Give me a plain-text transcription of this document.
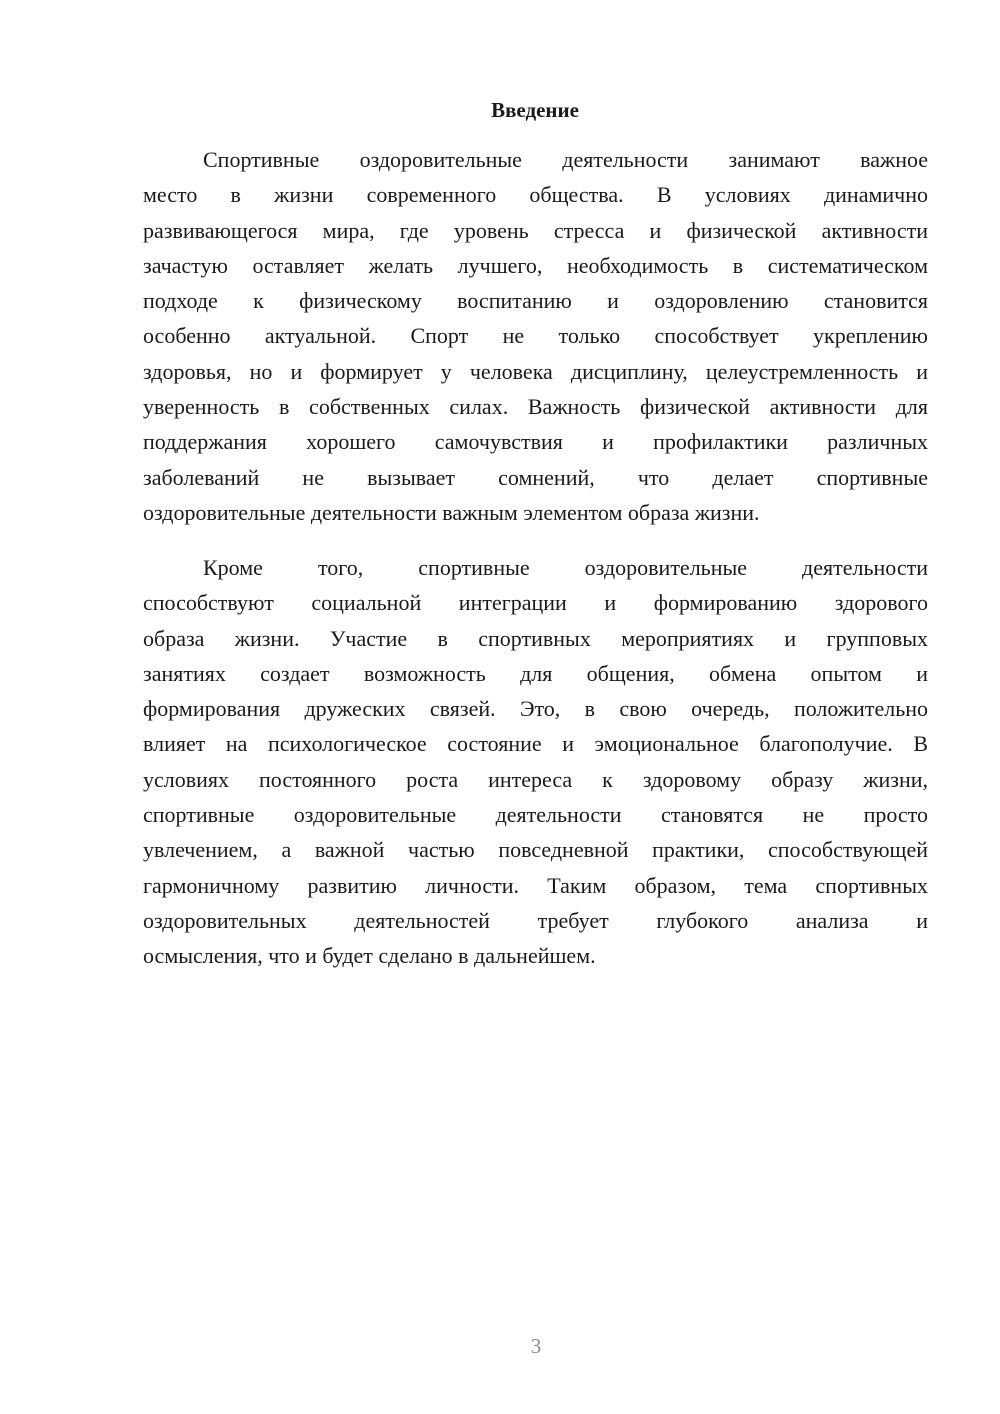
Введение
Спортивные оздоровительные деятельности занимают важное
место в жизни современного общества. В условиях динамично
развивающегося мира, где уровень стресса и физической активности
зачастую оставляет желать лучшего, необходимость в систематическом
подходе к физическому воспитанию и оздоровлению становится
особенно актуальной. Спорт не только способствует укреплению
здоровья, но и формирует у человека дисциплину, целеустремленность и
уверенность в собственных силах. Важность физической активности для
поддержания хорошего самочувствия и профилактики различных
заболеваний не вызывает сомнений, что делает спортивные
оздоровительные деятельности важным элементом образа жизни.
Кроме того, спортивные оздоровительные деятельности
способствуют социальной интеграции и формированию здорового
образа жизни. Участие в спортивных мероприятиях и групповых
занятиях создает возможность для общения, обмена опытом и
формирования дружеских связей. Это, в свою очередь, положительно
влияет на психологическое состояние и эмоциональное благополучие. В
условиях постоянного роста интереса к здоровому образу жизни,
спортивные оздоровительные деятельности становятся не просто
увлечением, а важной частью повседневной практики, способствующей
гармоничному развитию личности. Таким образом, тема спортивных
оздоровительных деятельностей требует глубокого анализа и
осмысления, что и будет сделано в дальнейшем.
3
